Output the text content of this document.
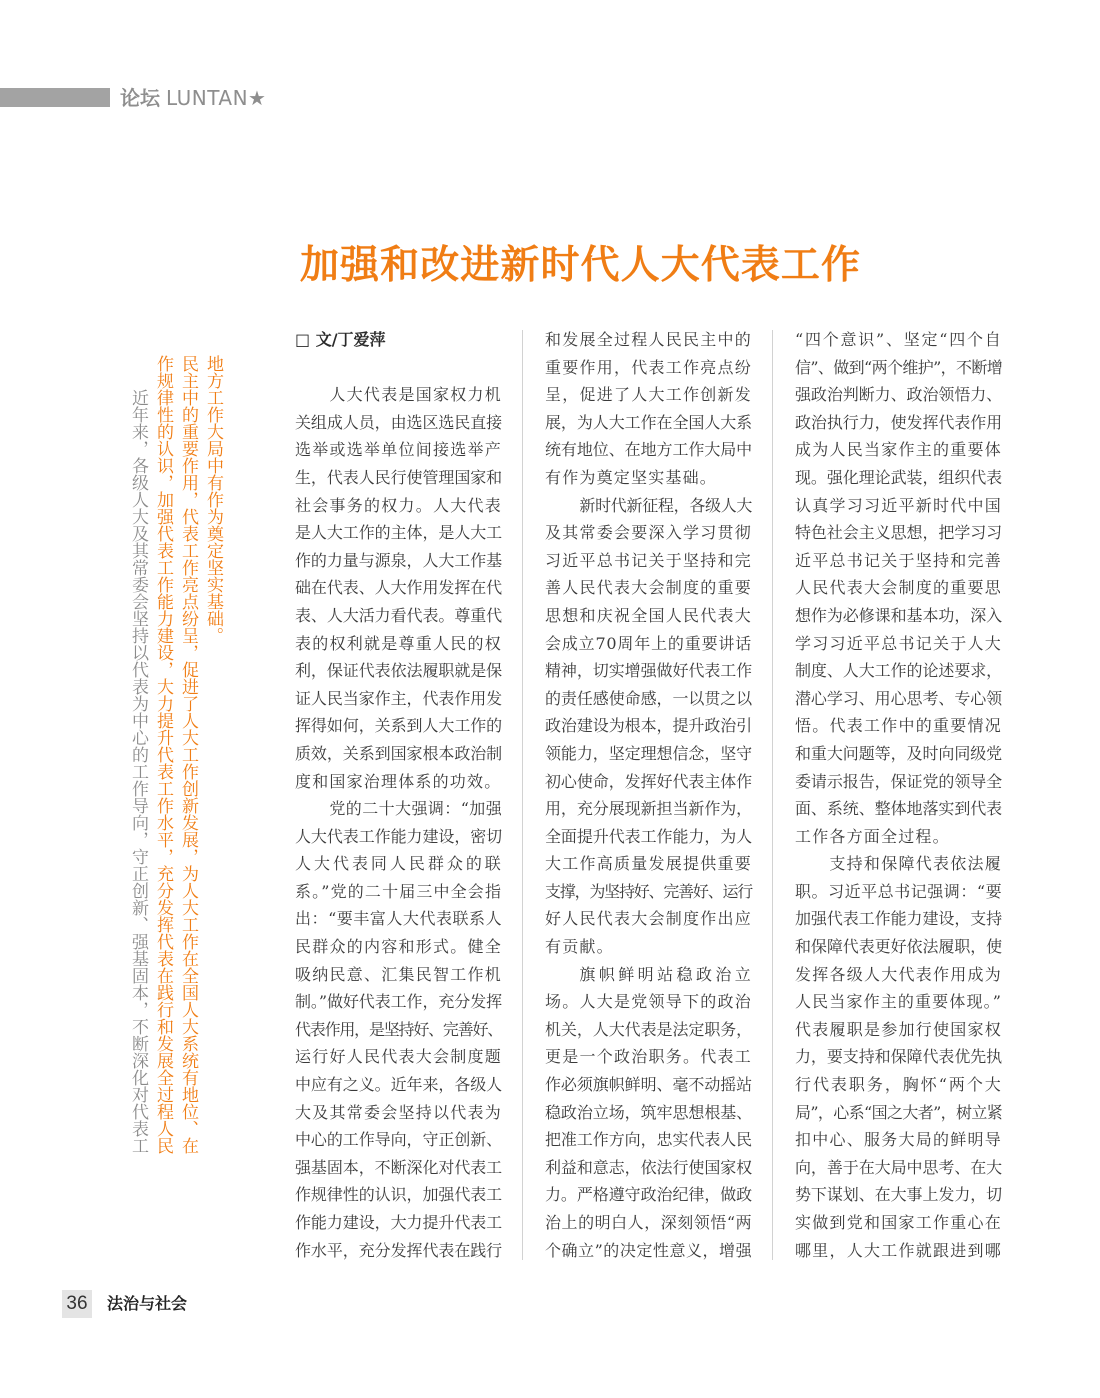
论坛 LUNTAN★
加强和改进新时代人大代表工作
近年来，各级人大及其常委会坚持以代表为中心的工作导向，守正创新、强基固本，不断深化对代表工 作规律性的认识，加强代表工作能力建设，大力提升代表工作水平，充分发挥代表在践行和发展全过程人民 民主中的重要作用，代表工作亮点纷呈，促进了人大工作创新发展，为人大工作在全国人大系统有地位、在 地方工作大局中有作为奠定坚实基础。
□ 文/丁爱萍
人大代表是国家权力机
关组成人员，由选区选民直接
选举或选举单位间接选举产
生，代表人民行使管理国家和
社会事务的权力。人大代表
是人大工作的主体，是人大工
作的力量与源泉，人大工作基
础在代表、人大作用发挥在代
表、人大活力看代表。尊重代
表的权利就是尊重人民的权
利，保证代表依法履职就是保
证人民当家作主，代表作用发
挥得如何，关系到人大工作的
质效，关系到国家根本政治制
度和国家治理体系的功效。
党的二十大强调：“加强
人大代表工作能力建设，密切
人大代表同人民群众的联
系。”党的二十届三中全会指
出：“要丰富人大代表联系人
民群众的内容和形式。健全
吸纳民意、汇集民智工作机
制。”做好代表工作，充分发挥
代表作用，是坚持好、完善好、
运行好人民代表大会制度题
中应有之义。近年来，各级人
大及其常委会坚持以代表为
中心的工作导向，守正创新、
强基固本，不断深化对代表工
作规律性的认识，加强代表工
作能力建设，大力提升代表工
作水平，充分发挥代表在践行
和发展全过程人民民主中的
重要作用，代表工作亮点纷
呈，促进了人大工作创新发
展，为人大工作在全国人大系
统有地位、在地方工作大局中
有作为奠定坚实基础。
新时代新征程，各级人大
及其常委会要深入学习贯彻
习近平总书记关于坚持和完
善人民代表大会制度的重要
思想和庆祝全国人民代表大
会成立70周年上的重要讲话
精神，切实增强做好代表工作
的责任感使命感，一以贯之以
政治建设为根本，提升政治引
领能力，坚定理想信念，坚守
初心使命，发挥好代表主体作
用，充分展现新担当新作为，
全面提升代表工作能力，为人
大工作高质量发展提供重要
支撑，为坚持好、完善好、运行
好人民代表大会制度作出应
有贡献。
旗帜鲜明站稳政治立
场。人大是党领导下的政治
机关，人大代表是法定职务，
更是一个政治职务。代表工
作必须旗帜鲜明、毫不动摇站
稳政治立场，筑牢思想根基、
把准工作方向，忠实代表人民
利益和意志，依法行使国家权
力。严格遵守政治纪律，做政
治上的明白人，深刻领悟“两
个确立”的决定性意义，增强
“四个意识”、坚定“四个自
信”、做到“两个维护”，不断增
强政治判断力、政治领悟力、
政治执行力，使发挥代表作用
成为人民当家作主的重要体
现。强化理论武装，组织代表
认真学习习近平新时代中国
特色社会主义思想，把学习习
近平总书记关于坚持和完善
人民代表大会制度的重要思
想作为必修课和基本功，深入
学习习近平总书记关于人大
制度、人大工作的论述要求，
潜心学习、用心思考、专心领
悟。代表工作中的重要情况
和重大问题等，及时向同级党
委请示报告，保证党的领导全
面、系统、整体地落实到代表
工作各方面全过程。
支持和保障代表依法履
职。习近平总书记强调：“要
加强代表工作能力建设，支持
和保障代表更好依法履职，使
发挥各级人大代表作用成为
人民当家作主的重要体现。”
代表履职是参加行使国家权
力，要支持和保障代表优先执
行代表职务，胸怀“两个大
局”，心系“国之大者”，树立紧
扣中心、服务大局的鲜明导
向，善于在大局中思考、在大
势下谋划、在大事上发力，切
实做到党和国家工作重心在
哪里，人大工作就跟进到哪
36 法治与社会
